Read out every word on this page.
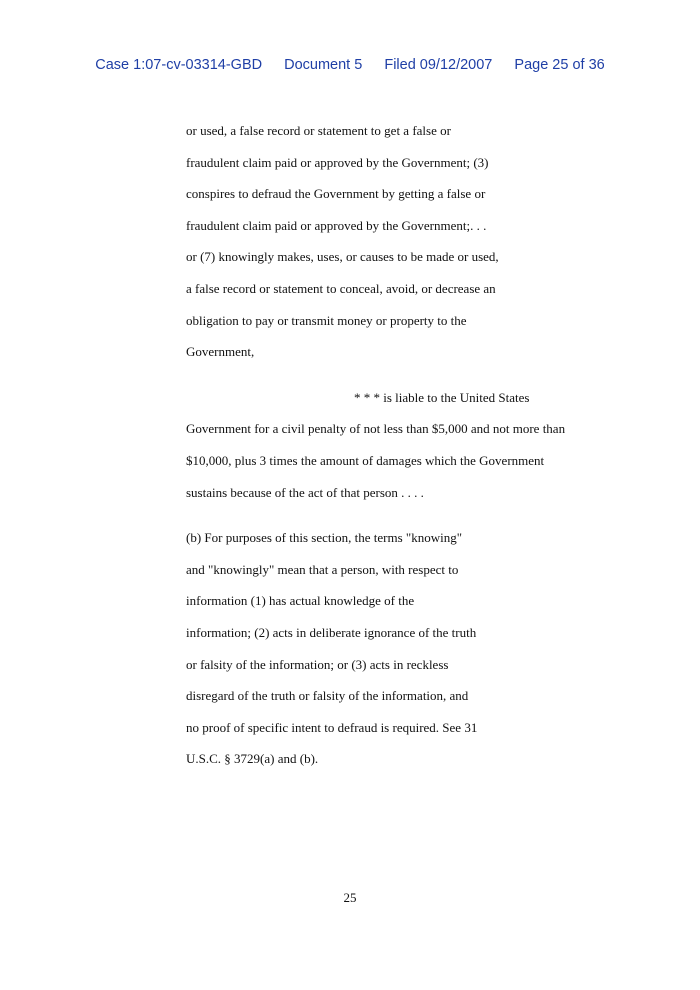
Case 1:07-cv-03314-GBD Document 5 Filed 09/12/2007 Page 25 of 36
or used, a false record or statement to get a false or
fraudulent claim paid or approved by the Government; (3)
conspires to defraud the Government by getting a false or
fraudulent claim paid or approved by the Government;. . .
or (7) knowingly makes, uses, or causes to be made or used,
a false record or statement to conceal, avoid, or decrease an
obligation to pay or transmit money or property to the
Government,
* * * is liable to the United States
Government for a civil penalty of not less than $5,000 and not more than
$10,000, plus 3 times the amount of damages which the Government
sustains because of the act of that person . . . .
(b) For purposes of this section, the terms "knowing"
and "knowingly" mean that a person, with respect to
information (1) has actual knowledge of the
information; (2) acts in deliberate ignorance of the truth
or falsity of the information; or (3) acts in reckless
disregard of the truth or falsity of the information, and
no proof of specific intent to defraud is required. See 31
U.S.C. § 3729(a) and (b).
25
